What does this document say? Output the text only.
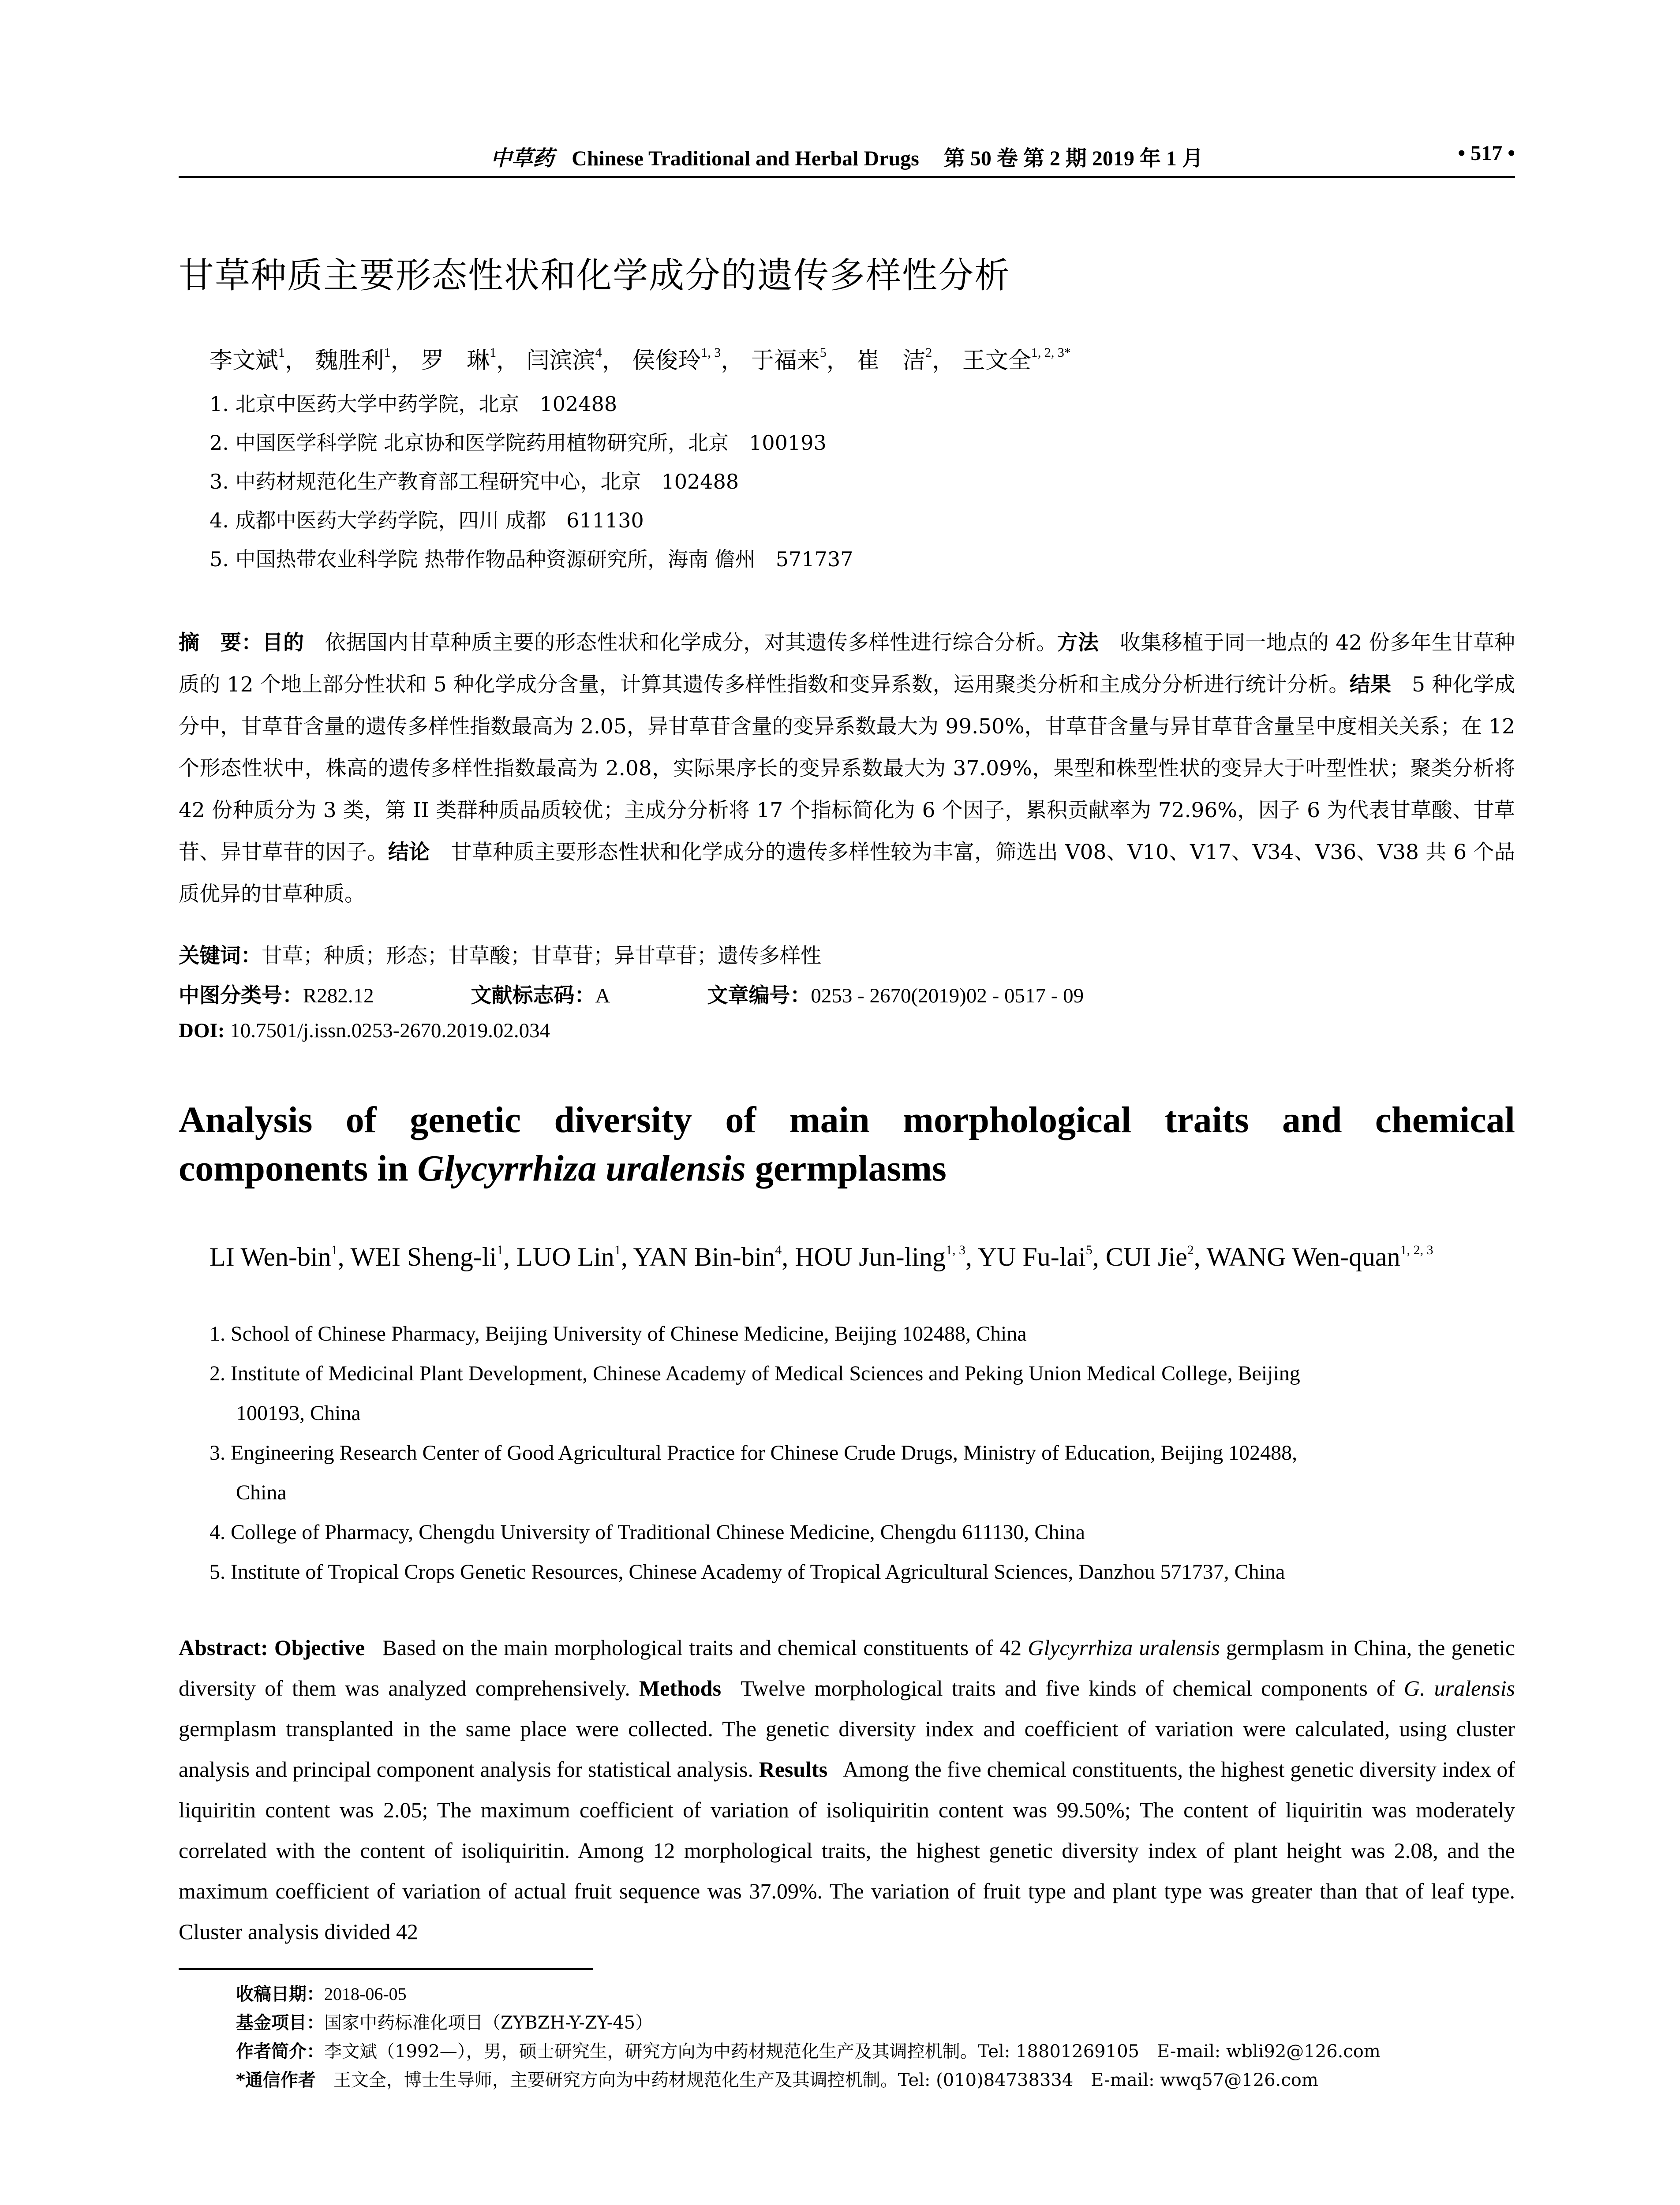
中草药 Chinese Traditional and Herbal Drugs 第 50 卷 第 2 期 2019 年 1 月	• 517 •
甘草种质主要形态性状和化学成分的遗传多样性分析
李文斌$^1$， 魏胜利$^1$， 罗　琳$^1$， 闫滨滨$^4$， 侯俊玲$^{1, 3}$， 于福来$^5$， 崔　洁$^2$， 王文全$^{1, 2, 3*}$
1. 北京中医药大学中药学院，北京　102488
2. 中国医学科学院 北京协和医学院药用植物研究所，北京　100193
3. 中药材规范化生产教育部工程研究中心，北京　102488
4. 成都中医药大学药学院，四川 成都　611130
5. 中国热带农业科学院 热带作物品种资源研究所，海南 儋州　571737
摘　要：目的  依据国内甘草种质主要的形态性状和化学成分，对其遗传多样性进行综合分析。方法  收集移植于同一地点的 42 份多年生甘草种质的 12 个地上部分性状和 5 种化学成分含量，计算其遗传多样性指数和变异系数，运用聚类分析和主成分分析进行统计分析。结果  5 种化学成分中，甘草苷含量的遗传多样性指数最高为 2.05，异甘草苷含量的变异系数最大为 99.50%，甘草苷含量与异甘草苷含量呈中度相关关系；在 12 个形态性状中，株高的遗传多样性指数最高为 2.08，实际果序长的变异系数最大为 37.09%，果型和株型性状的变异大于叶型性状；聚类分析将 42 份种质分为 3 类，第 II 类群种质品质较优；主成分分析将 17 个指标简化为 6 个因子，累积贡献率为 72.96%，因子 6 为代表甘草酸、甘草苷、异甘草苷的因子。结论  甘草种质主要形态性状和化学成分的遗传多样性较为丰富，筛选出 V08、V10、V17、V34、V36、V38 共 6 个品质优异的甘草种质。
关键词：甘草；种质；形态；甘草酸；甘草苷；异甘草苷；遗传多样性
中图分类号：R282.12	文献标志码：A	文章编号：0253 - 2670(2019)02 - 0517 - 09
DOI: 10.7501/j.issn.0253-2670.2019.02.034
Analysis of genetic diversity of main morphological traits and chemical
components in Glycyrrhiza uralensis germplasms
LI Wen-bin$^1$, WEI Sheng-$li^1$, LUO Lin$^1$, YAN Bin-bin$^4$, HOU Jun-ling$^{1, 3}$, YU Fu-lai$^5$, CUI Jie$^2$, WANG Wen-quan$^{1, 2, 3}$
1. School of Chinese Pharmacy, Beijing University of Chinese Medicine, Beijing 102488, China
2. Institute of Medicinal Plant Development, Chinese Academy of Medical Sciences and Peking Union Medical College, Beijing
100193, China
3. Engineering Research Center of Good Agricultural Practice for Chinese Crude Drugs, Ministry of Education, Beijing 102488,
China
4. College of Pharmacy, Chengdu University of Traditional Chinese Medicine, Chengdu 611130, China
5. Institute of Tropical Crops Genetic Resources, Chinese Academy of Tropical Agricultural Sciences, Danzhou 571737, China
Abstract: Objective  Based on the main morphological traits and chemical constituents of 42 Glycyrrhiza uralensis germplasm in China, the genetic diversity of them was analyzed comprehensively. Methods  Twelve morphological traits and five kinds of chemical components of G. uralensis germplasm transplanted in the same place were collected. The genetic diversity index and coefficient of variation were calculated, using cluster analysis and principal component analysis for statistical analysis. Results  Among the five chemical constituents, the highest genetic diversity index of liquiritin content was 2.05; The maximum coefficient of variation of isoliquiritin content was 99.50%; The content of liquiritin was moderately correlated with the content of isoliquiritin. Among 12 morphological traits, the highest genetic diversity index of plant height was 2.08, and the maximum coefficient of variation of actual fruit sequence was 37.09%. The variation of fruit type and plant type was greater than that of leaf type. Cluster analysis divided 42
收稿日期：2018-06-05
基金项目：国家中药标准化项目（ZYBZH-Y-ZY-45）
作者简介：李文斌（1992—），男，硕士研究生，研究方向为中药材规范化生产及其调控机制。Tel: 18801269105　E-mail: wbli92@126.com
*通信作者  王文全，博士生导师，主要研究方向为中药材规范化生产及其调控机制。Tel: (010)84738334　E-mail: wwq57@126.com
